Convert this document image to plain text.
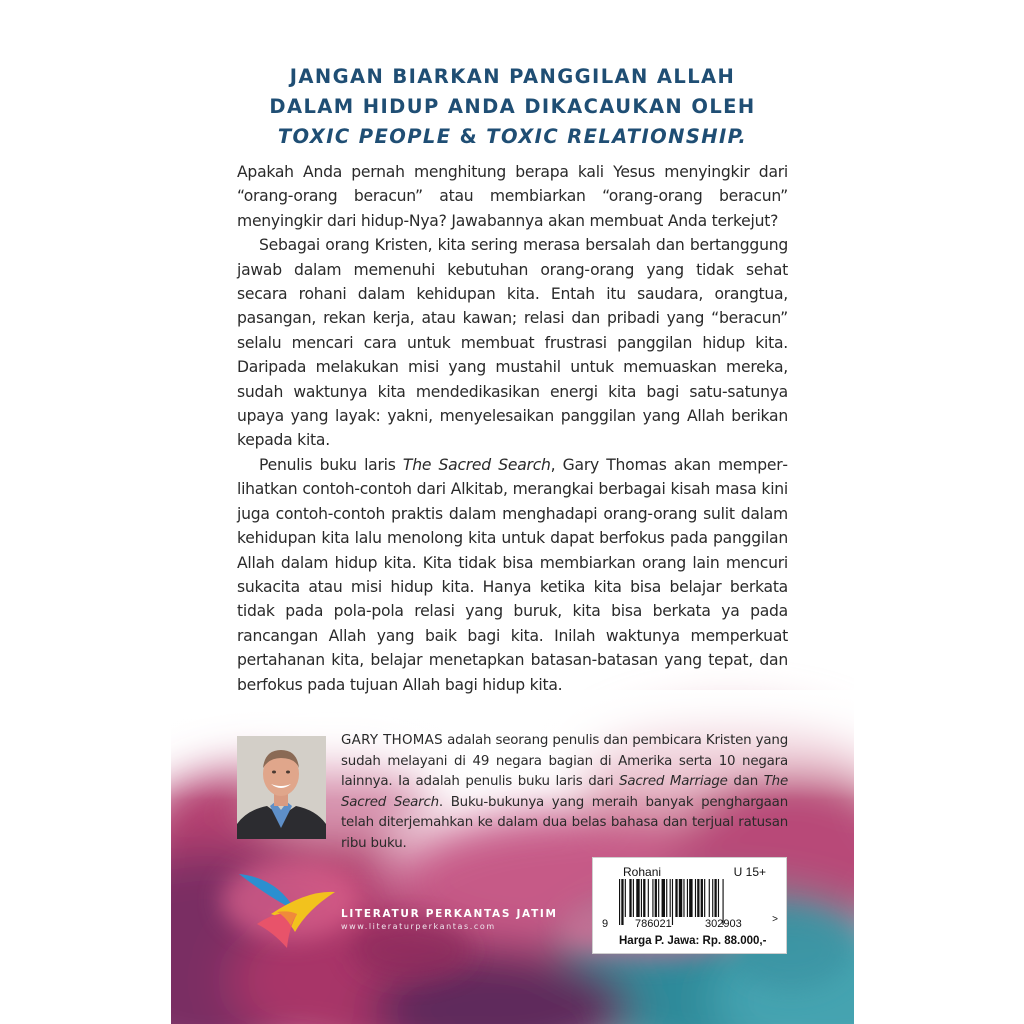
JANGAN BIARKAN PANGGILAN ALLAH
DALAM HIDUP ANDA DIKACAUKAN OLEH
TOXIC PEOPLE & TOXIC RELATIONSHIP.

Apakah Anda pernah menghitung berapa kali Yesus menyingkir dari “orang-orang beracun” atau membiarkan “orang-orang beracun” menyingkir dari hidup-Nya? Jawabannya akan membuat Anda terkejut?

Sebagai orang Kristen, kita sering merasa bersalah dan bertanggung jawab dalam memenuhi kebutuhan orang-orang yang tidak sehat secara rohani dalam kehidupan kita. Entah itu saudara, orangtua, pasangan, rekan kerja, atau kawan; relasi dan pribadi yang “beracun” selalu mencari cara untuk membuat frustrasi panggilan hidup kita. Daripada melakukan misi yang mustahil untuk memuaskan mereka, sudah waktunya kita mendedikasikan energi kita bagi satu-satunya upaya yang layak: yakni, menyelesaikan panggilan yang Allah berikan kepada kita.

Penulis buku laris The Sacred Search, Gary Thomas akan memperlihatkan contoh-contoh dari Alkitab, merangkai berbagai kisah masa kini juga contoh-contoh praktis dalam menghadapi orang-orang sulit dalam kehidupan kita lalu menolong kita untuk dapat berfokus pada panggilan Allah dalam hidup kita. Kita tidak bisa membiarkan orang lain mencuri sukacita atau misi hidup kita. Hanya ketika kita bisa belajar berkata tidak pada pola-pola relasi yang buruk, kita bisa berkata ya pada rancangan Allah yang baik bagi kita. Inilah waktunya memperkuat pertahanan kita, belajar menetapkan batasan-batasan yang tepat, dan berfokus pada tujuan Allah bagi hidup kita.

GARY THOMAS adalah seorang penulis dan pembicara Kristen yang sudah melayani di 49 negara bagian di Amerika serta 10 negara lainnya. Ia adalah penulis buku laris dari Sacred Marriage dan The Sacred Search. Buku-bukunya yang meraih banyak penghargaan telah diterjemahkan ke dalam dua belas bahasa dan terjual ratusan ribu buku.
LITERATUR PERKANTAS JATIM
www.literaturperkantas.com
Rohani	U 15+
9 786021	302903	>
Harga P. Jawa: Rp. 88.000,-
